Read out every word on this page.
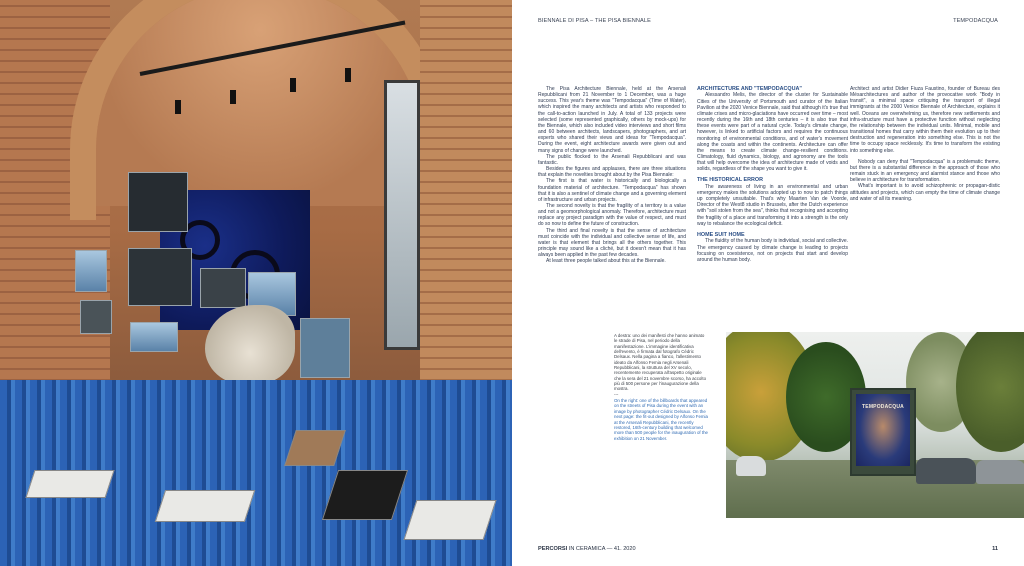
BIENNALE DI PISA – THE PISA BIENNALE	TEMPODACQUA

The Pisa Architecture Biennale, held at the Arsenali Repubblicani from 21 November to 1 December, was a huge success. This year's theme was "Tempodacqua" (Time of Water), which inspired the many architects and artists who responded to the call-to-action launched in July. A total of 133 projects were selected (some represented graphically, others by mock-ups) for the Biennale, which also included video interviews and short films and 60 between architects, landscapers, photographers, and art experts who shared their views and ideas for "Tempodacqua". During the event, eight architecture awards were given out and many signs of change were launched.

The public flocked to the Arsenali Repubblicani and was fantastic.

Besides the figures and applauses, there are three situations that explain the novelties brought about by the Pisa Biennale:

The first is that water is historically and biologically a foundation material of architecture. "Tempodacqua" has shown that it is also a sentinel of climate change and a governing element of infrastructure and urban projects.

The second novelty is that the fragility of a territory is a value and not a geomorphological anomaly. Therefore, architecture must replace any project paradigm with the value of respect, and must do so now to define the future of construction.

The third and final novelty is that the sense of architecture must coincide with the individual and collective sense of life, and water is that element that brings all the others together. This principle may sound like a cliché, but it doesn't mean that it has always been applied in the past few decades.

At least three people talked about this at the Biennale.

ARCHITECTURE AND "TEMPODACQUA"

Alessandro Melis, the director of the cluster for Sustainable Cities of the University of Portsmouth and curator of the Italian Pavilion at the 2020 Venice Biennale, said that although it's true that climate crises and micro-glaciations have occurred over time – most recently during the 16th and 18th centuries – it is also true that these events were part of a natural cycle. Today's climate change, however, is linked to artificial factors and requires the continuous monitoring of environmental conditions, and of water's movement along the coasts and within the continents. Architecture can offer the means to create climate change-resilient conditions. Climatology, fluid dynamics, biology, and agronomy are the tools that will help overcome the idea of architecture made of voids and solids, regardless of the shape you want to give it.

THE HISTORICAL ERROR

The awareness of living in an environmental and urban emergency makes the solutions adopted up to now to patch things up completely unsuitable. That's why Maarten Van de Voorde, Director of the West8 studio in Brussels, after the Dutch experience with "soil stolen from the sea", thinks that recognising and accepting the fragility of a place and transforming it into a strength is the only way to rebalance the ecological deficit.

HOME SUIT HOME

The fluidity of the human body is individual, social and collective. The emergency caused by climate change is leading to projects focusing on coexistence, not on projects that start and develop around the human body.

Architect and artist Didier Fiuza Faustino, founder of Bureau des Mésarchitectures and author of the provocative work "Body in transit", a minimal space critiquing the transport of illegal immigrants at the 2000 Venice Biennale of Architecture, explains it well. Oceans are overwhelming us, therefore new settlements and infra-structure must have a protective function without neglecting the relationship between the individual units. Minimal, mobile and transitional homes that carry within them their evolution up to their destruction and regeneration into something else. This is not the time to occupy space recklessly. It's time to transform the existing into something else.

Nobody can deny that "Tempodacqua" is a problematic theme, but there is a substantial difference in the approach of those who remain stuck in an emergency and alarmist stance and those who believe in architecture for transformation.

What's important is to avoid schizophrenic or propagan-distic attitudes and projects, which can empty the time of climate change and water of all its meaning.

A destra: uno dei manifesti che hanno animato le strade di Pisa, nel periodo della manifestazione. L'immagine identificativa dell'evento, è firmata dal fotografo Cédric Delsaux. Nella pagina a fianco, l'allestimento ideato da Alfonso Femia negli Arsenali Repubblicani, la struttura del XV secolo, recentemente recuperata all'aspetto originale che la sera del 21 novembre scorso, ha accolto più di 500 persone per l'inaugurazione della mostra.
---
On the right: one of the billboards that appeared on the streets of Pisa during the event with an image by photographer Cédric Delsaux. On the next page: the fit-out designed by Alfonso Femia at the Arsenali Repubblicani, the recently restored, 16th-century building that welcomed more than 500 people for the inauguration of the exhibition on 21 November.
TEMPODACQUA
PERCORSI IN CERAMICA — 41. 2020	11
